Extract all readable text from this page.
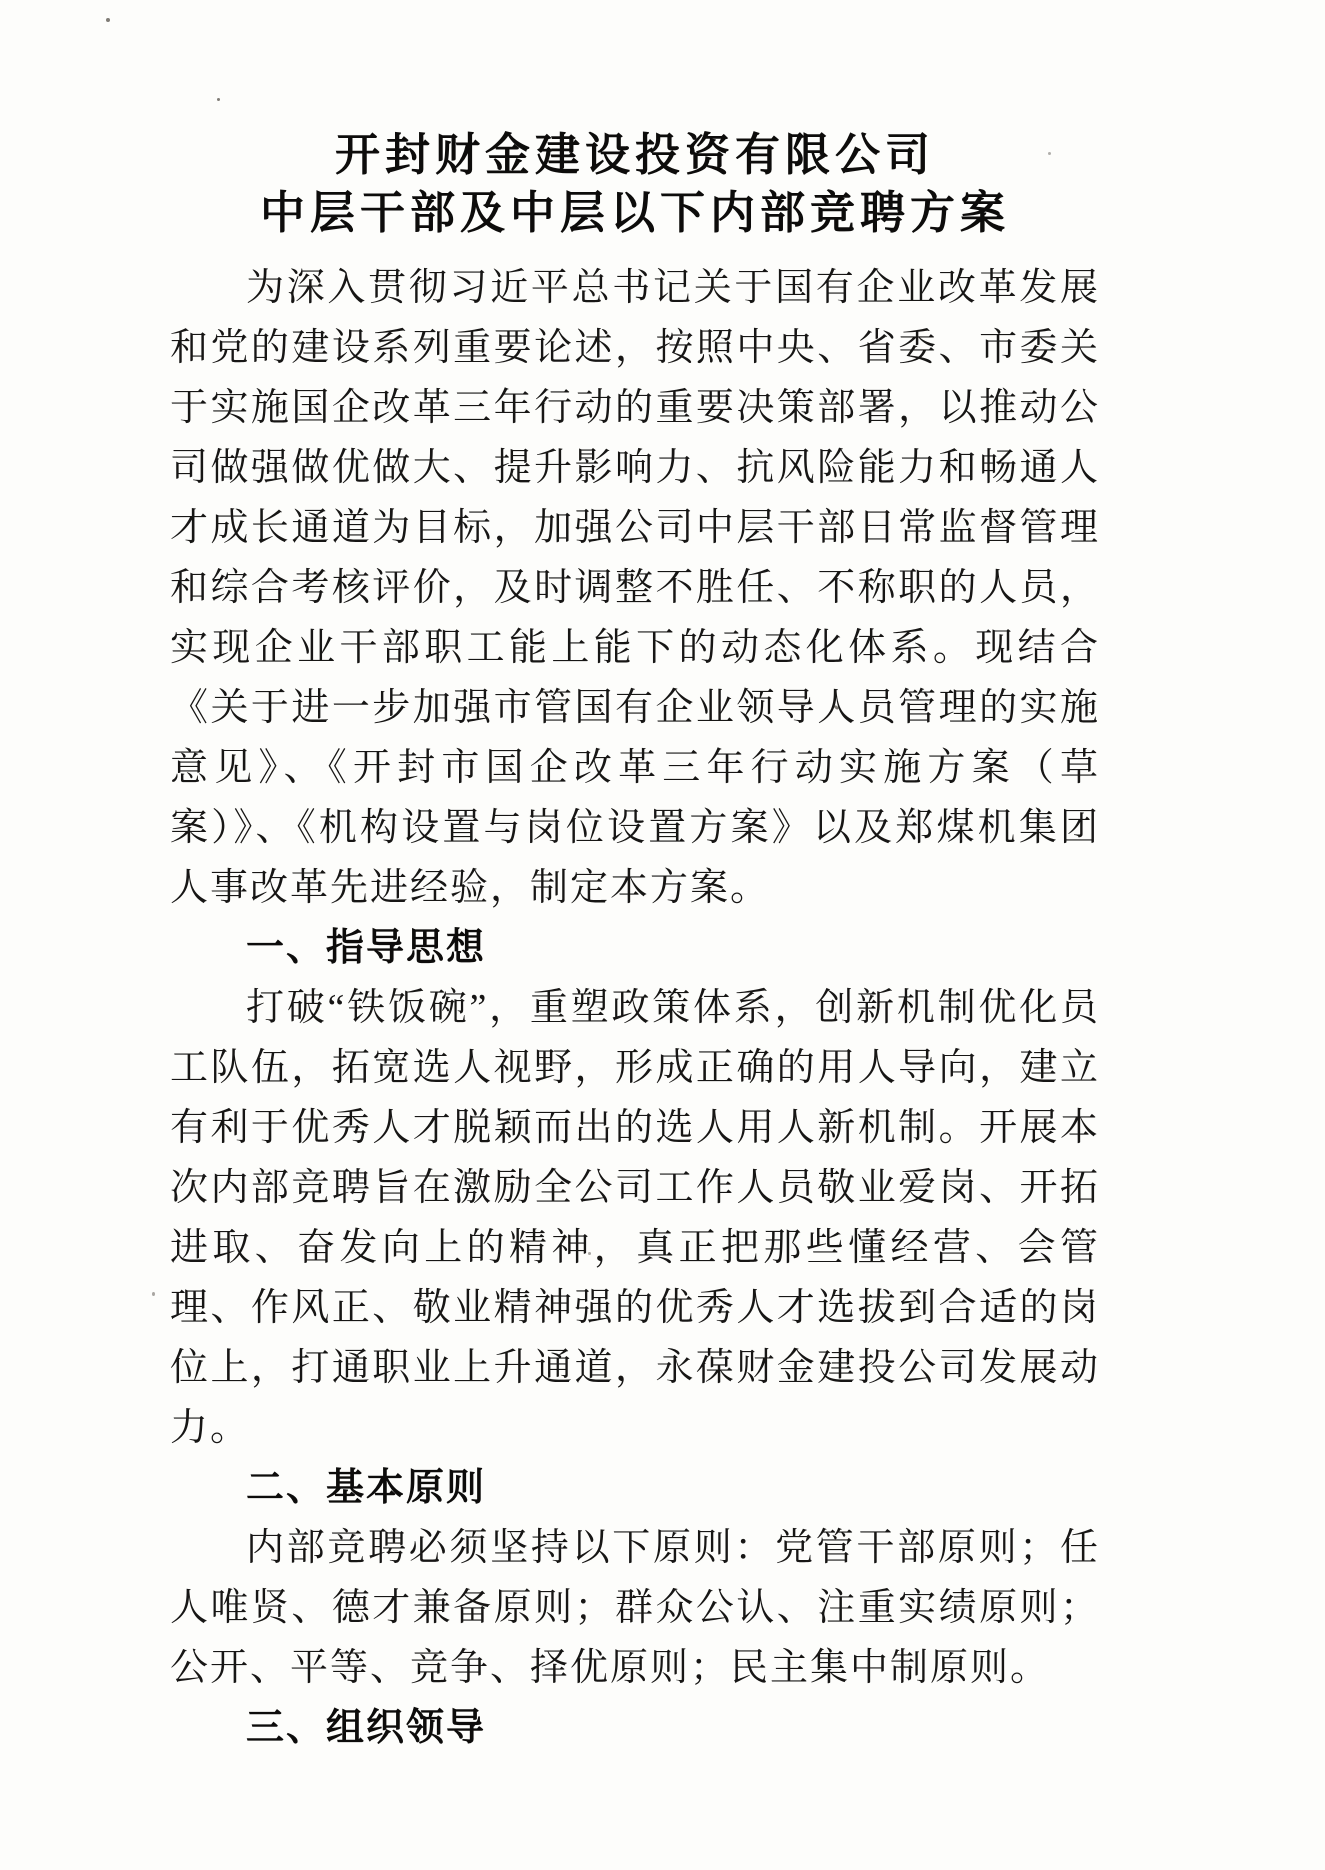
开封财金建设投资有限公司
中层干部及中层以下内部竞聘方案

为深入贯彻习近平总书记关于国有企业改革发展和党的建设系列重要论述，按照中央、省委、市委关于实施国企改革三年行动的重要决策部署，以推动公司做强做优做大、提升影响力、抗风险能力和畅通人才成长通道为目标，加强公司中层干部日常监督管理和综合考核评价，及时调整不胜任、不称职的人员，实现企业干部职工能上能下的动态化体系。现结合《关于进一步加强市管国有企业领导人员管理的实施意见》、《开封市国企改革三年行动实施方案（草案）》、《机构设置与岗位设置方案》以及郑煤机集团人事改革先进经验，制定本方案。

一、指导思想

打破“铁饭碗”，重塑政策体系，创新机制优化员工队伍，拓宽选人视野，形成正确的用人导向，建立有利于优秀人才脱颖而出的选人用人新机制。开展本次内部竞聘旨在激励全公司工作人员敬业爱岗、开拓进取、奋发向上的精神，真正把那些懂经营、会管理、作风正、敬业精神强的优秀人才选拔到合适的岗位上，打通职业上升通道，永葆财金建投公司发展动力。

二、基本原则

内部竞聘必须坚持以下原则：党管干部原则；任人唯贤、德才兼备原则；群众公认、注重实绩原则；公开、平等、竞争、择优原则；民主集中制原则。

三、组织领导
